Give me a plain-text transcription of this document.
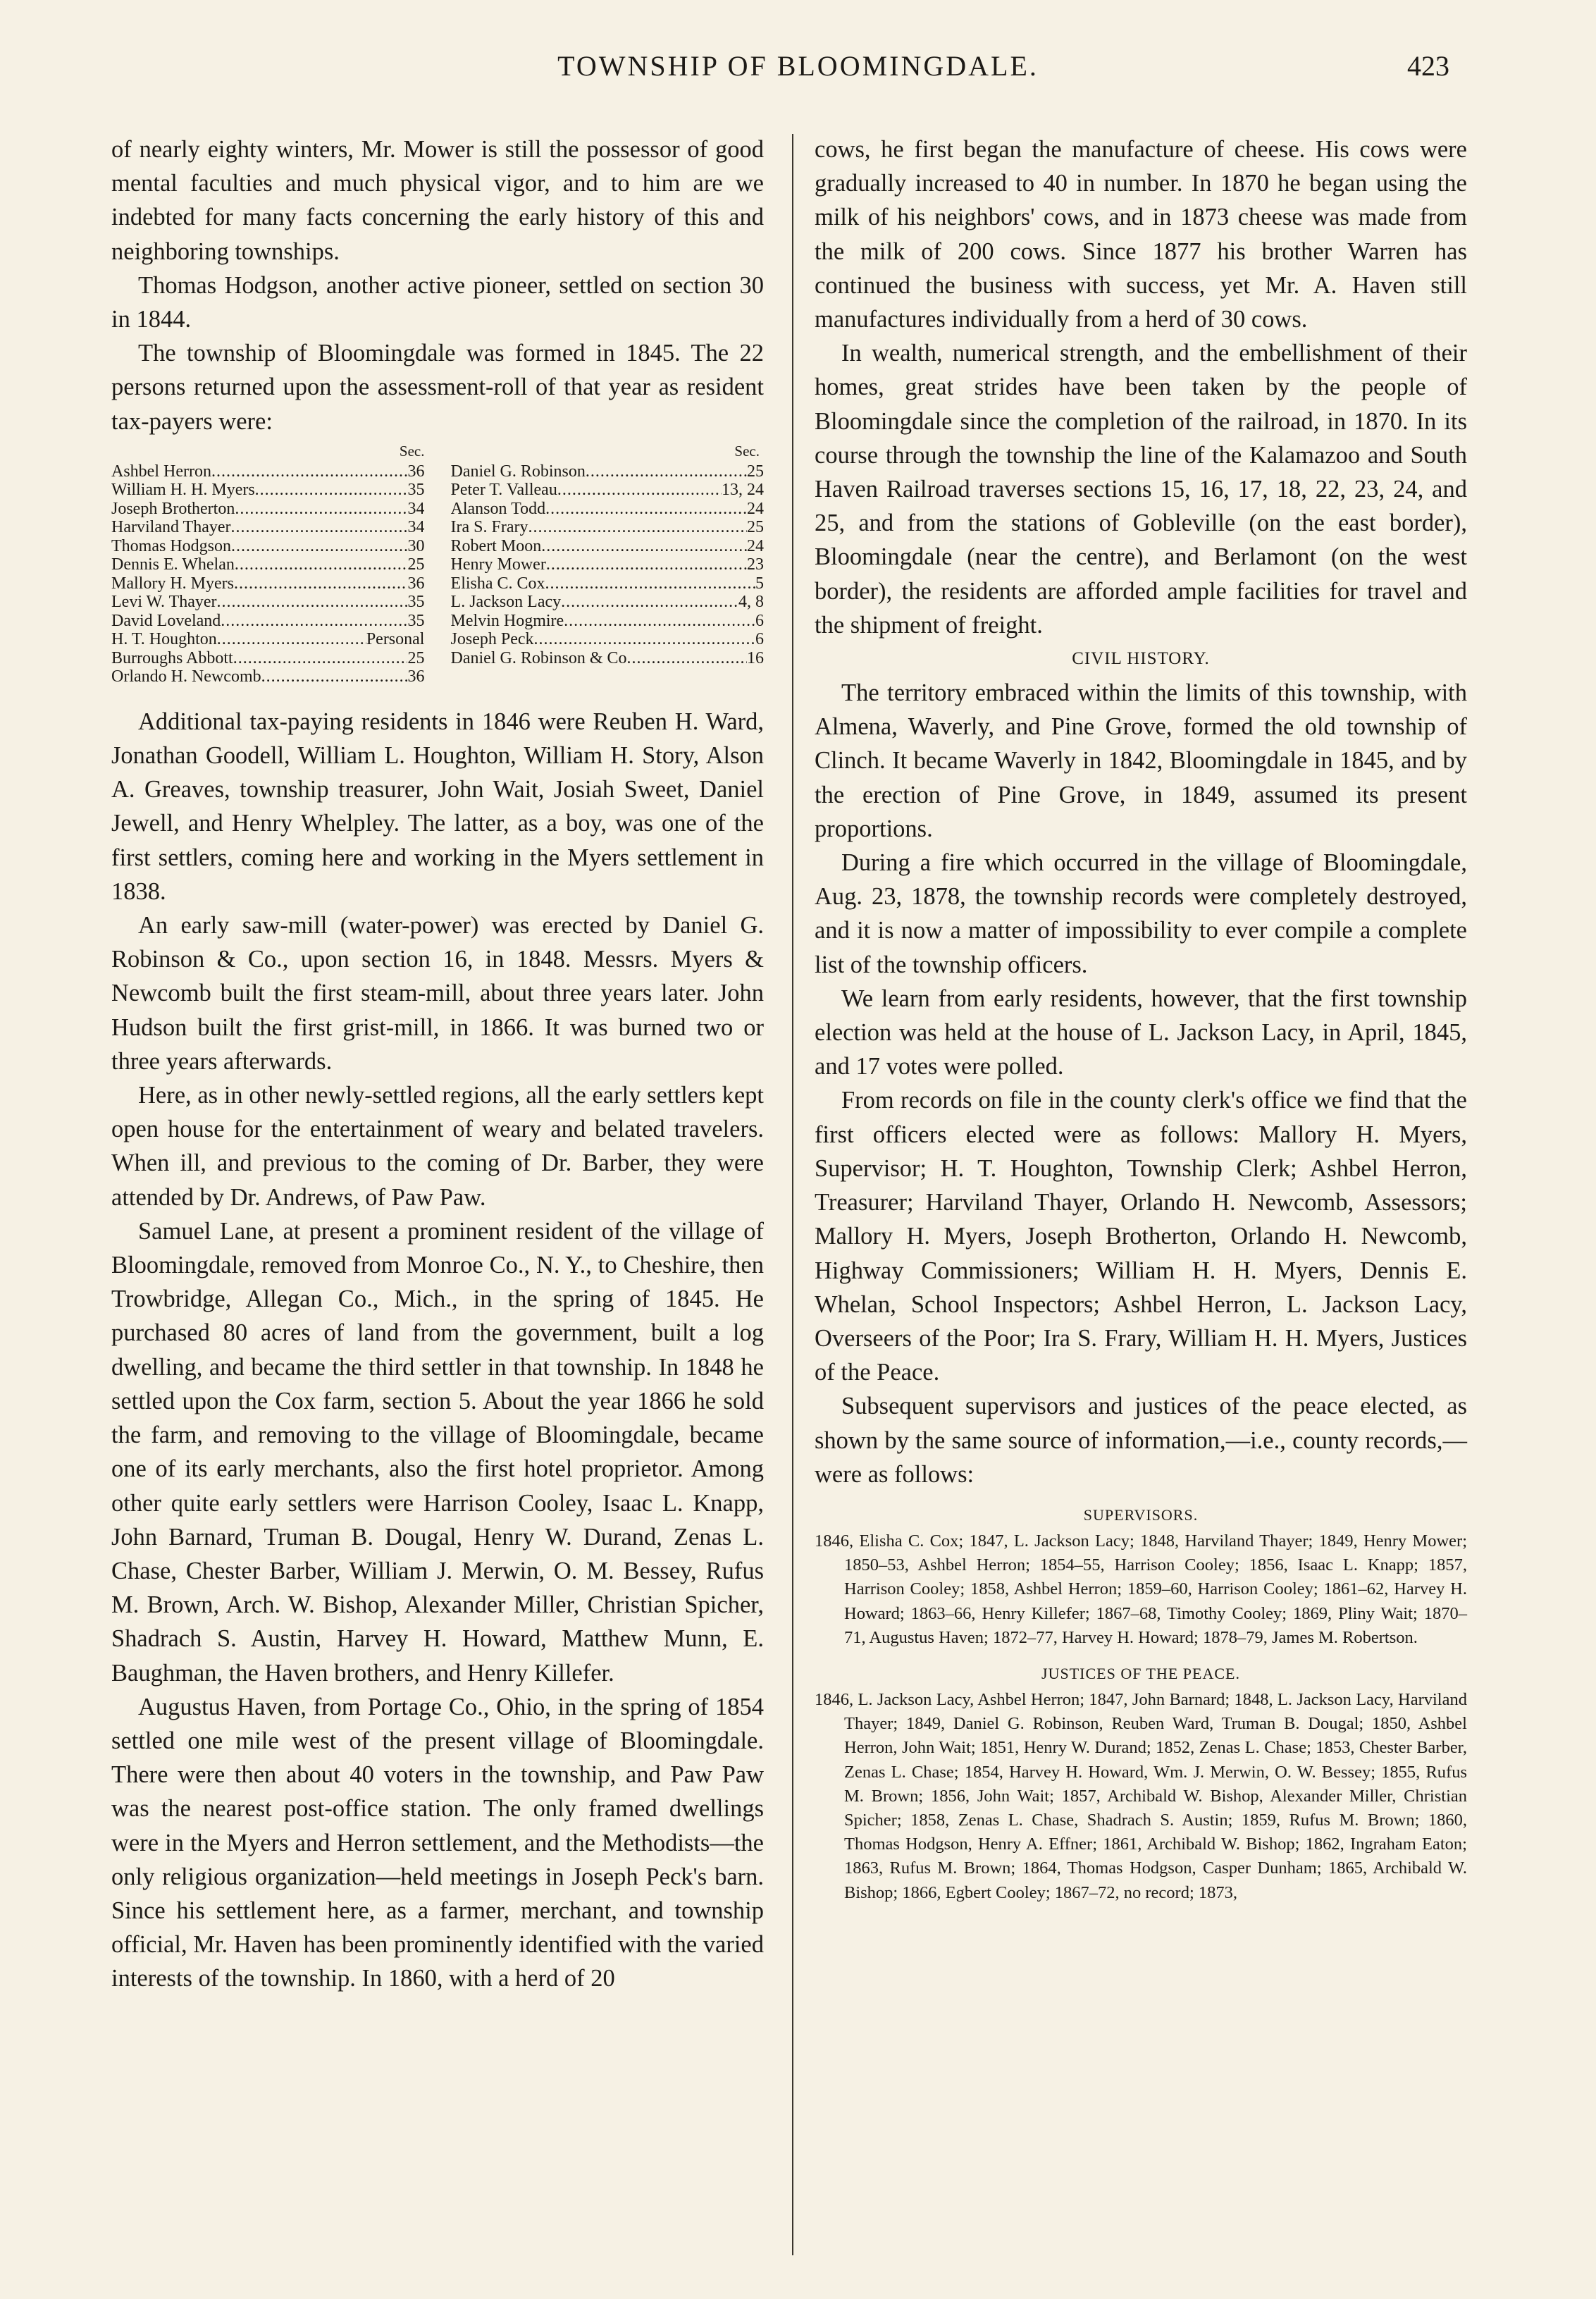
TOWNSHIP OF BLOOMINGDALE.	423

of nearly eighty winters, Mr. Mower is still the possessor of good mental faculties and much physical vigor, and to him are we indebted for many facts concerning the early history of this and neighboring townships.

Thomas Hodgson, another active pioneer, settled on section 30 in 1844.

The township of Bloomingdale was formed in 1845. The 22 persons returned upon the assessment-roll of that year as resident tax-payers were:

Sec.	Sec.
Ashbel Herron .....	36
William H. H. Myers .....	35
Joseph Brotherton .....	34
Harviland Thayer .....	34
Thomas Hodgson .....	30
Dennis E. Whelan .....	25
Mallory H. Myers .....	36
Levi W. Thayer .....	35
David Loveland .....	35
H. T. Houghton .....	Personal
Burroughs Abbott .....	25
Orlando H. Newcomb .....	36
Daniel G. Robinson .....	25
Peter T. Valleau .....	13, 24
Alanson Todd .....	24
Ira S. Frary .....	25
Robert Moon .....	24
Henry Mower .....	23
Elisha C. Cox .....	5
L. Jackson Lacy .....	4, 8
Melvin Hogmire .....	6
Joseph Peck .....	6
Daniel G. Robinson & Co .....	16

Additional tax-paying residents in 1846 were Reuben H. Ward, Jonathan Goodell, William L. Houghton, William H. Story, Alson A. Greaves, township treasurer, John Wait, Josiah Sweet, Daniel Jewell, and Henry Whelpley. The latter, as a boy, was one of the first settlers, coming here and working in the Myers settlement in 1838.

An early saw-mill (water-power) was erected by Daniel G. Robinson & Co., upon section 16, in 1848. Messrs. Myers & Newcomb built the first steam-mill, about three years later. John Hudson built the first grist-mill, in 1866. It was burned two or three years afterwards.

Here, as in other newly-settled regions, all the early settlers kept open house for the entertainment of weary and belated travelers. When ill, and previous to the coming of Dr. Barber, they were attended by Dr. Andrews, of Paw Paw.

Samuel Lane, at present a prominent resident of the village of Bloomingdale, removed from Monroe Co., N. Y., to Cheshire, then Trowbridge, Allegan Co., Mich., in the spring of 1845. He purchased 80 acres of land from the government, built a log dwelling, and became the third settler in that township. In 1848 he settled upon the Cox farm, section 5. About the year 1866 he sold the farm, and removing to the village of Bloomingdale, became one of its early merchants, also the first hotel proprietor. Among other quite early settlers were Harrison Cooley, Isaac L. Knapp, John Barnard, Truman B. Dougal, Henry W. Durand, Zenas L. Chase, Chester Barber, William J. Merwin, O. M. Bessey, Rufus M. Brown, Arch. W. Bishop, Alexander Miller, Christian Spicher, Shadrach S. Austin, Harvey H. Howard, Matthew Munn, E. Baughman, the Haven brothers, and Henry Killefer.

Augustus Haven, from Portage Co., Ohio, in the spring of 1854 settled one mile west of the present village of Bloomingdale. There were then about 40 voters in the township, and Paw Paw was the nearest post-office station. The only framed dwellings were in the Myers and Herron settlement, and the Methodists—the only religious organization—held meetings in Joseph Peck's barn. Since his settlement here, as a farmer, merchant, and township official, Mr. Haven has been prominently identified with the varied interests of the township. In 1860, with a herd of 20

cows, he first began the manufacture of cheese. His cows were gradually increased to 40 in number. In 1870 he began using the milk of his neighbors' cows, and in 1873 cheese was made from the milk of 200 cows. Since 1877 his brother Warren has continued the business with success, yet Mr. A. Haven still manufactures individually from a herd of 30 cows.

In wealth, numerical strength, and the embellishment of their homes, great strides have been taken by the people of Bloomingdale since the completion of the railroad, in 1870. In its course through the township the line of the Kalamazoo and South Haven Railroad traverses sections 15, 16, 17, 18, 22, 23, 24, and 25, and from the stations of Gobleville (on the east border), Bloomingdale (near the centre), and Berlamont (on the west border), the residents are afforded ample facilities for travel and the shipment of freight.

CIVIL HISTORY.

The territory embraced within the limits of this township, with Almena, Waverly, and Pine Grove, formed the old township of Clinch. It became Waverly in 1842, Bloomingdale in 1845, and by the erection of Pine Grove, in 1849, assumed its present proportions.

During a fire which occurred in the village of Bloomingdale, Aug. 23, 1878, the township records were completely destroyed, and it is now a matter of impossibility to ever compile a complete list of the township officers.

We learn from early residents, however, that the first township election was held at the house of L. Jackson Lacy, in April, 1845, and 17 votes were polled.

From records on file in the county clerk's office we find that the first officers elected were as follows: Mallory H. Myers, Supervisor; H. T. Houghton, Township Clerk; Ashbel Herron, Treasurer; Harviland Thayer, Orlando H. Newcomb, Assessors; Mallory H. Myers, Joseph Brotherton, Orlando H. Newcomb, Highway Commissioners; William H. H. Myers, Dennis E. Whelan, School Inspectors; Ashbel Herron, L. Jackson Lacy, Overseers of the Poor; Ira S. Frary, William H. H. Myers, Justices of the Peace.

Subsequent supervisors and justices of the peace elected, as shown by the same source of information,—i.e., county records,—were as follows:

SUPERVISORS.

1846, Elisha C. Cox; 1847, L. Jackson Lacy; 1848, Harviland Thayer; 1849, Henry Mower; 1850–53, Ashbel Herron; 1854–55, Harrison Cooley; 1856, Isaac L. Knapp; 1857, Harrison Cooley; 1858, Ashbel Herron; 1859–60, Harrison Cooley; 1861–62, Harvey H. Howard; 1863–66, Henry Killefer; 1867–68, Timothy Cooley; 1869, Pliny Wait; 1870–71, Augustus Haven; 1872–77, Harvey H. Howard; 1878–79, James M. Robertson.

JUSTICES OF THE PEACE.

1846, L. Jackson Lacy, Ashbel Herron; 1847, John Barnard; 1848, L. Jackson Lacy, Harviland Thayer; 1849, Daniel G. Robinson, Reuben Ward, Truman B. Dougal; 1850, Ashbel Herron, John Wait; 1851, Henry W. Durand; 1852, Zenas L. Chase; 1853, Chester Barber, Zenas L. Chase; 1854, Harvey H. Howard, Wm. J. Merwin, O. W. Bessey; 1855, Rufus M. Brown; 1856, John Wait; 1857, Archibald W. Bishop, Alexander Miller, Christian Spicher; 1858, Zenas L. Chase, Shadrach S. Austin; 1859, Rufus M. Brown; 1860, Thomas Hodgson, Henry A. Effner; 1861, Archibald W. Bishop; 1862, Ingraham Eaton; 1863, Rufus M. Brown; 1864, Thomas Hodgson, Casper Dunham; 1865, Archibald W. Bishop; 1866, Egbert Cooley; 1867–72, no record; 1873,
